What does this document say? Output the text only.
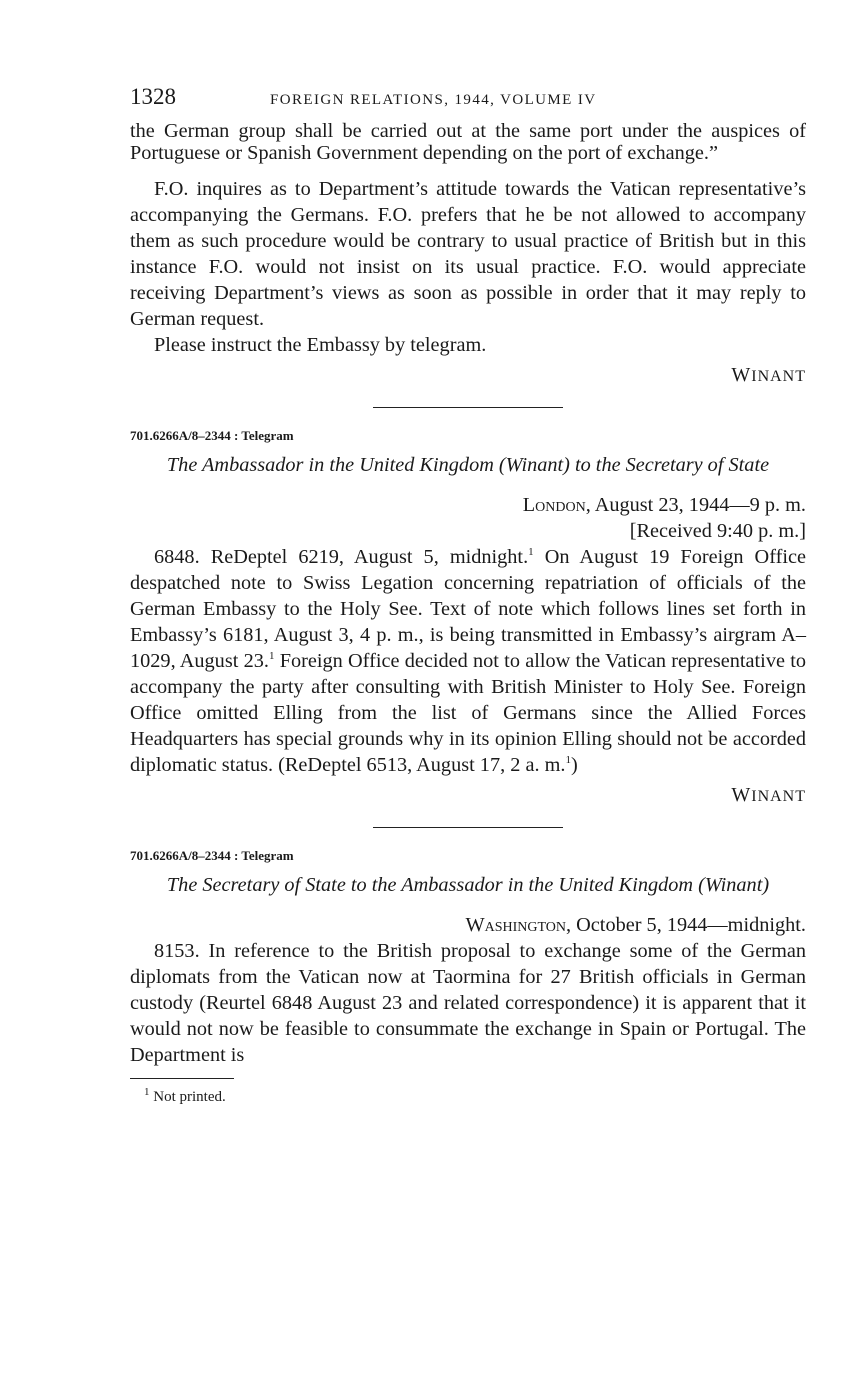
1328	FOREIGN RELATIONS, 1944, VOLUME IV

the German group shall be carried out at the same port under the auspices of Portuguese or Spanish Government depending on the port of exchange.”

F.O. inquires as to Department’s attitude towards the Vatican representative’s accompanying the Germans. F.O. prefers that he be not allowed to accompany them as such procedure would be contrary to usual practice of British but in this instance F.O. would not insist on its usual practice. F.O. would appreciate receiving Department’s views as soon as possible in order that it may reply to German request.

Please instruct the Embassy by telegram.

WINANT
701.6266A/8–2344 : Telegram
The Ambassador in the United Kingdom (Winant) to the Secretary of State
London, August 23, 1944—9 p. m.
[Received 9:40 p. m.]

6848. ReDeptel 6219, August 5, midnight.$^1$ On August 19 Foreign Office despatched note to Swiss Legation concerning repatriation of officials of the German Embassy to the Holy See. Text of note which follows lines set forth in Embassy’s 6181, August 3, 4 p. m., is being transmitted in Embassy’s airgram A–1029, August 23.$^1$ Foreign Office decided not to allow the Vatican representative to accompany the party after consulting with British Minister to Holy See. Foreign Office omitted Elling from the list of Germans since the Allied Forces Headquarters has special grounds why in its opinion Elling should not be accorded diplomatic status. (ReDeptel 6513, August 17, 2 a. m.$^1$)

WINANT
701.6266A/8–2344 : Telegram
The Secretary of State to the Ambassador in the United Kingdom (Winant)
Washington, October 5, 1944—midnight.

8153. In reference to the British proposal to exchange some of the German diplomats from the Vatican now at Taormina for 27 British officials in German custody (Reurtel 6848 August 23 and related correspondence) it is apparent that it would not now be feasible to consummate the exchange in Spain or Portugal. The Department is

$^1$ Not printed.
